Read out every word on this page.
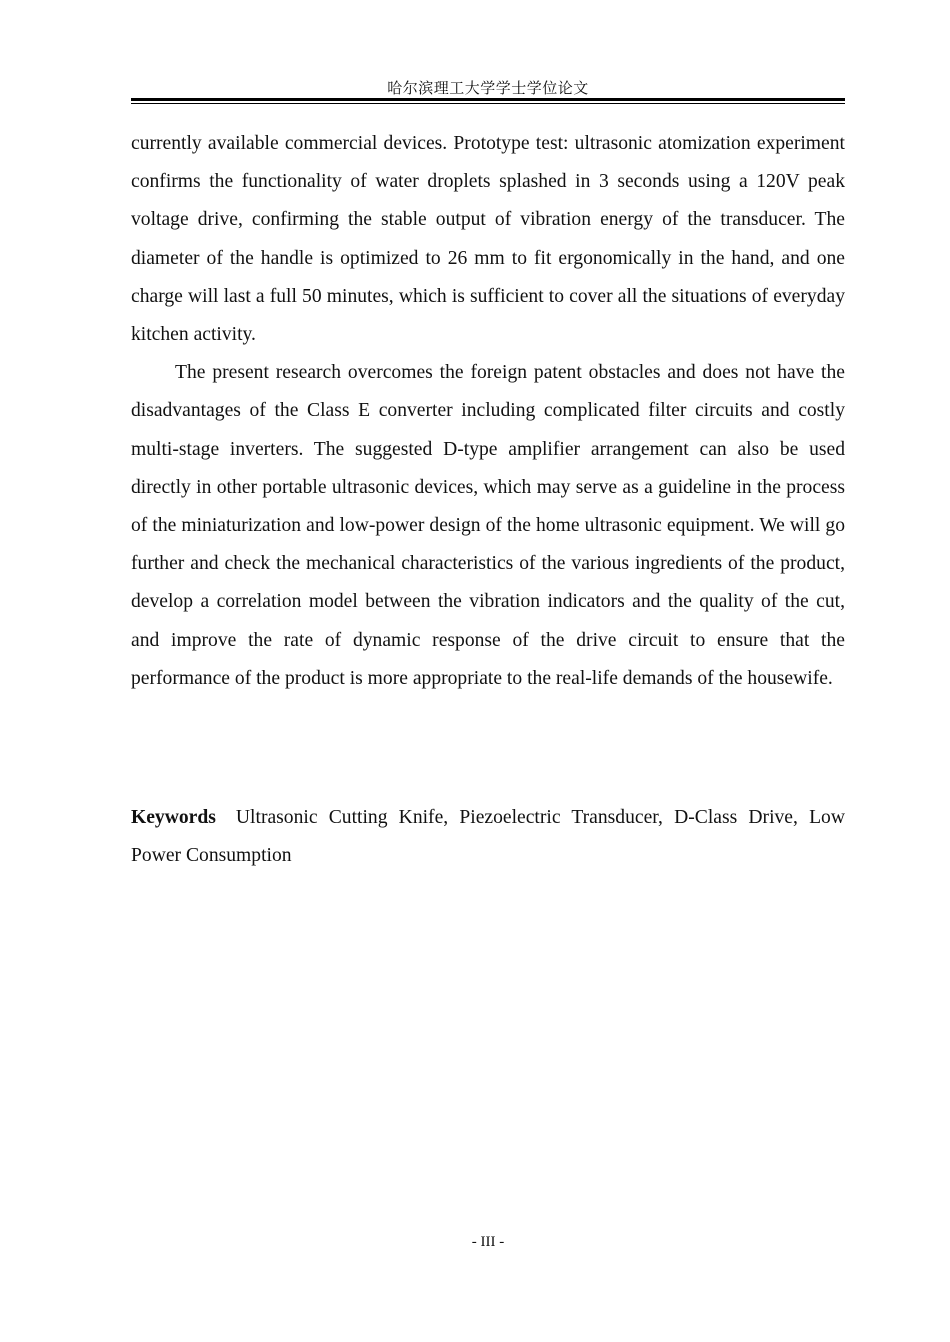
哈尔滨理工大学学士学位论文

currently available commercial devices. Prototype test: ultrasonic atomization experiment confirms the functionality of water droplets splashed in 3 seconds using a 120V peak voltage drive, confirming the stable output of vibration energy of the transducer. The diameter of the handle is optimized to 26 mm to fit ergonomically in the hand, and one charge will last a full 50 minutes, which is sufficient to cover all the situations of everyday kitchen activity.

The present research overcomes the foreign patent obstacles and does not have the disadvantages of the Class E converter including complicated filter circuits and costly multi-stage inverters. The suggested D-type amplifier arrangement can also be used directly in other portable ultrasonic devices, which may serve as a guideline in the process of the miniaturization and low-power design of the home ultrasonic equipment. We will go further and check the mechanical characteristics of the various ingredients of the product, develop a correlation model between the vibration indicators and the quality of the cut, and improve the rate of dynamic response of the drive circuit to ensure that the performance of the product is more appropriate to the real-life demands of the housewife.

Keywords Ultrasonic Cutting Knife, Piezoelectric Transducer, D-Class Drive, Low Power Consumption

- III -
